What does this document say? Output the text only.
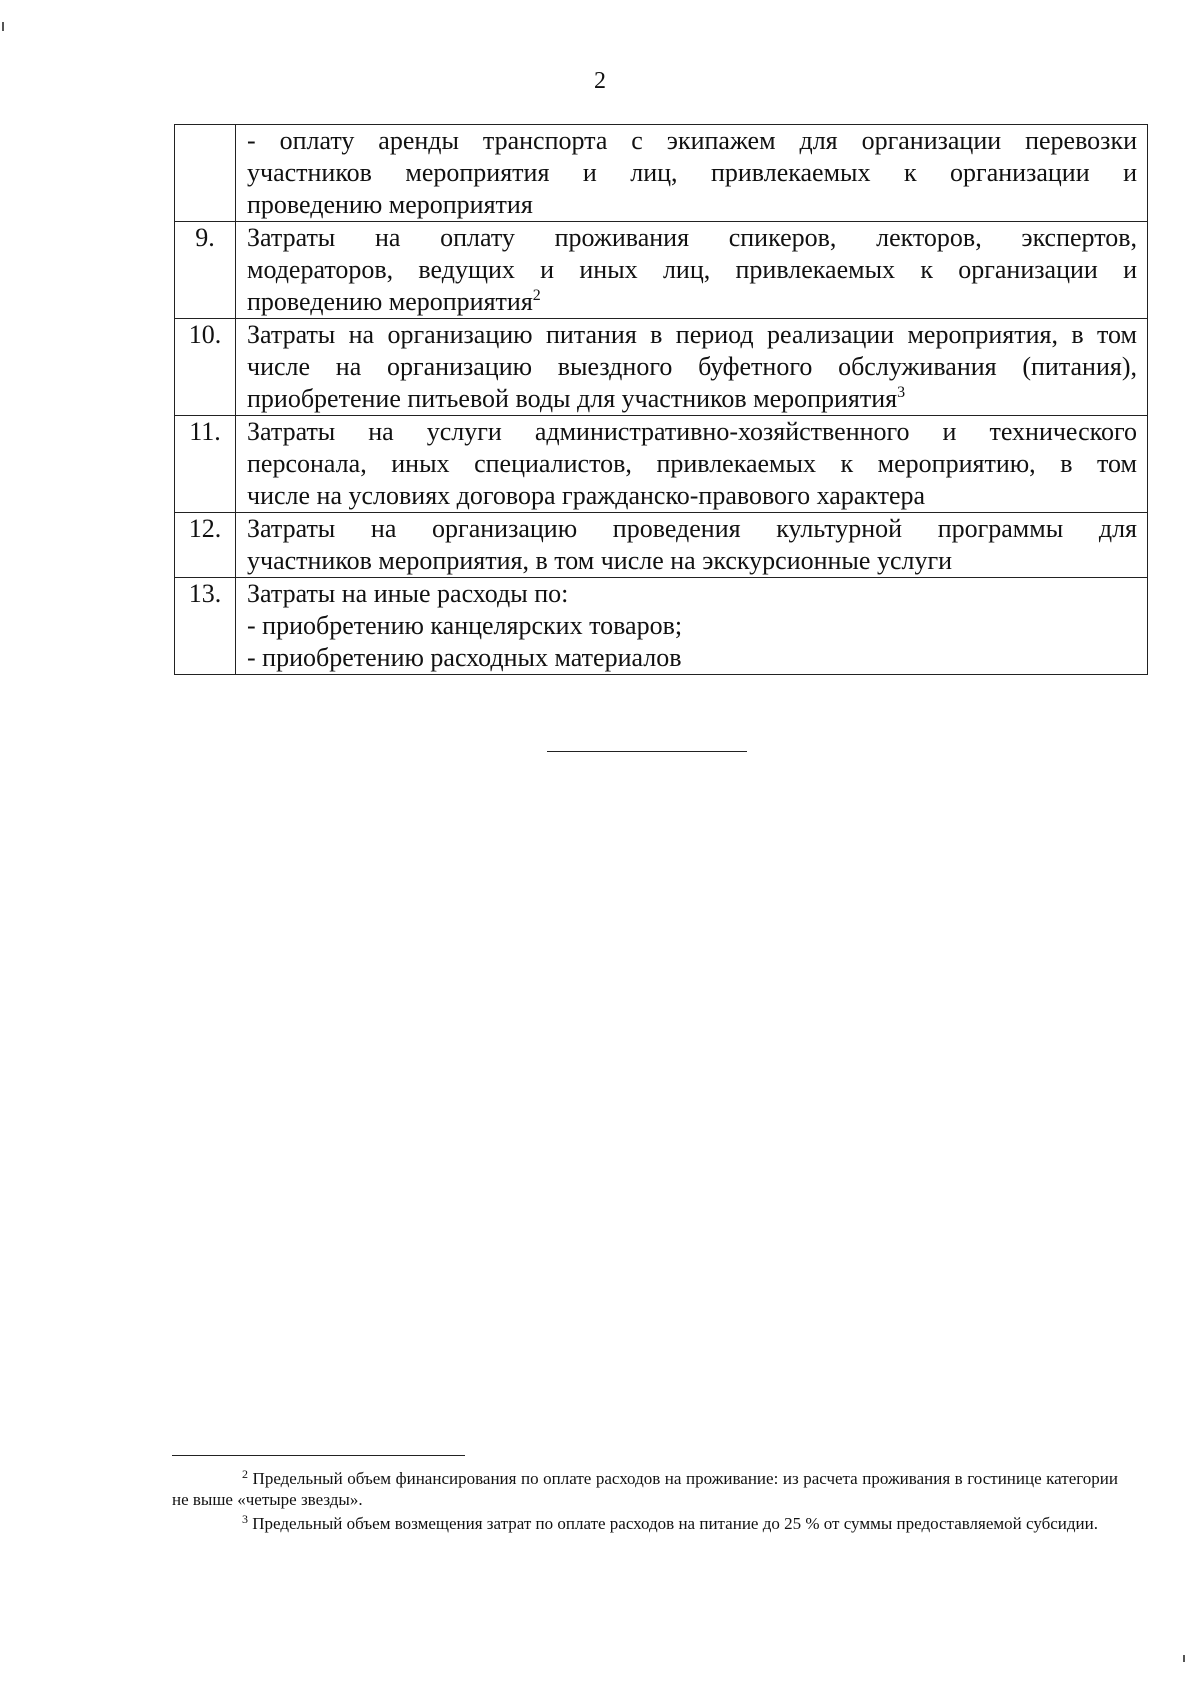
2

	- оплату аренды транспорта с экипажем для организации перевозки
участников мероприятия и лиц, привлекаемых к организации и
проведению мероприятия

9.	Затраты на оплату проживания спикеров, лекторов, экспертов,
модераторов, ведущих и иных лиц, привлекаемых к организации и
проведению мероприятия$^2$

10.	Затраты на организацию питания в период реализации мероприятия, в том
числе на организацию выездного буфетного обслуживания (питания),
приобретение питьевой воды для участников мероприятия$^3$

11.	Затраты на услуги административно-хозяйственного и технического
персонала, иных специалистов, привлекаемых к мероприятию, в том
числе на условиях договора гражданско-правового характера

12.	Затраты на организацию проведения культурной программы для
участников мероприятия, в том числе на экскурсионные услуги

13.	Затраты на иные расходы по:
- приобретению канцелярских товаров;
- приобретению расходных материалов

$^2$ Предельный объем финансирования по оплате расходов на проживание: из расчета проживания в гостинице категории не выше «четыре звезды».

$^3$ Предельный объем возмещения затрат по оплате расходов на питание до 25 % от суммы предоставляемой субсидии.
